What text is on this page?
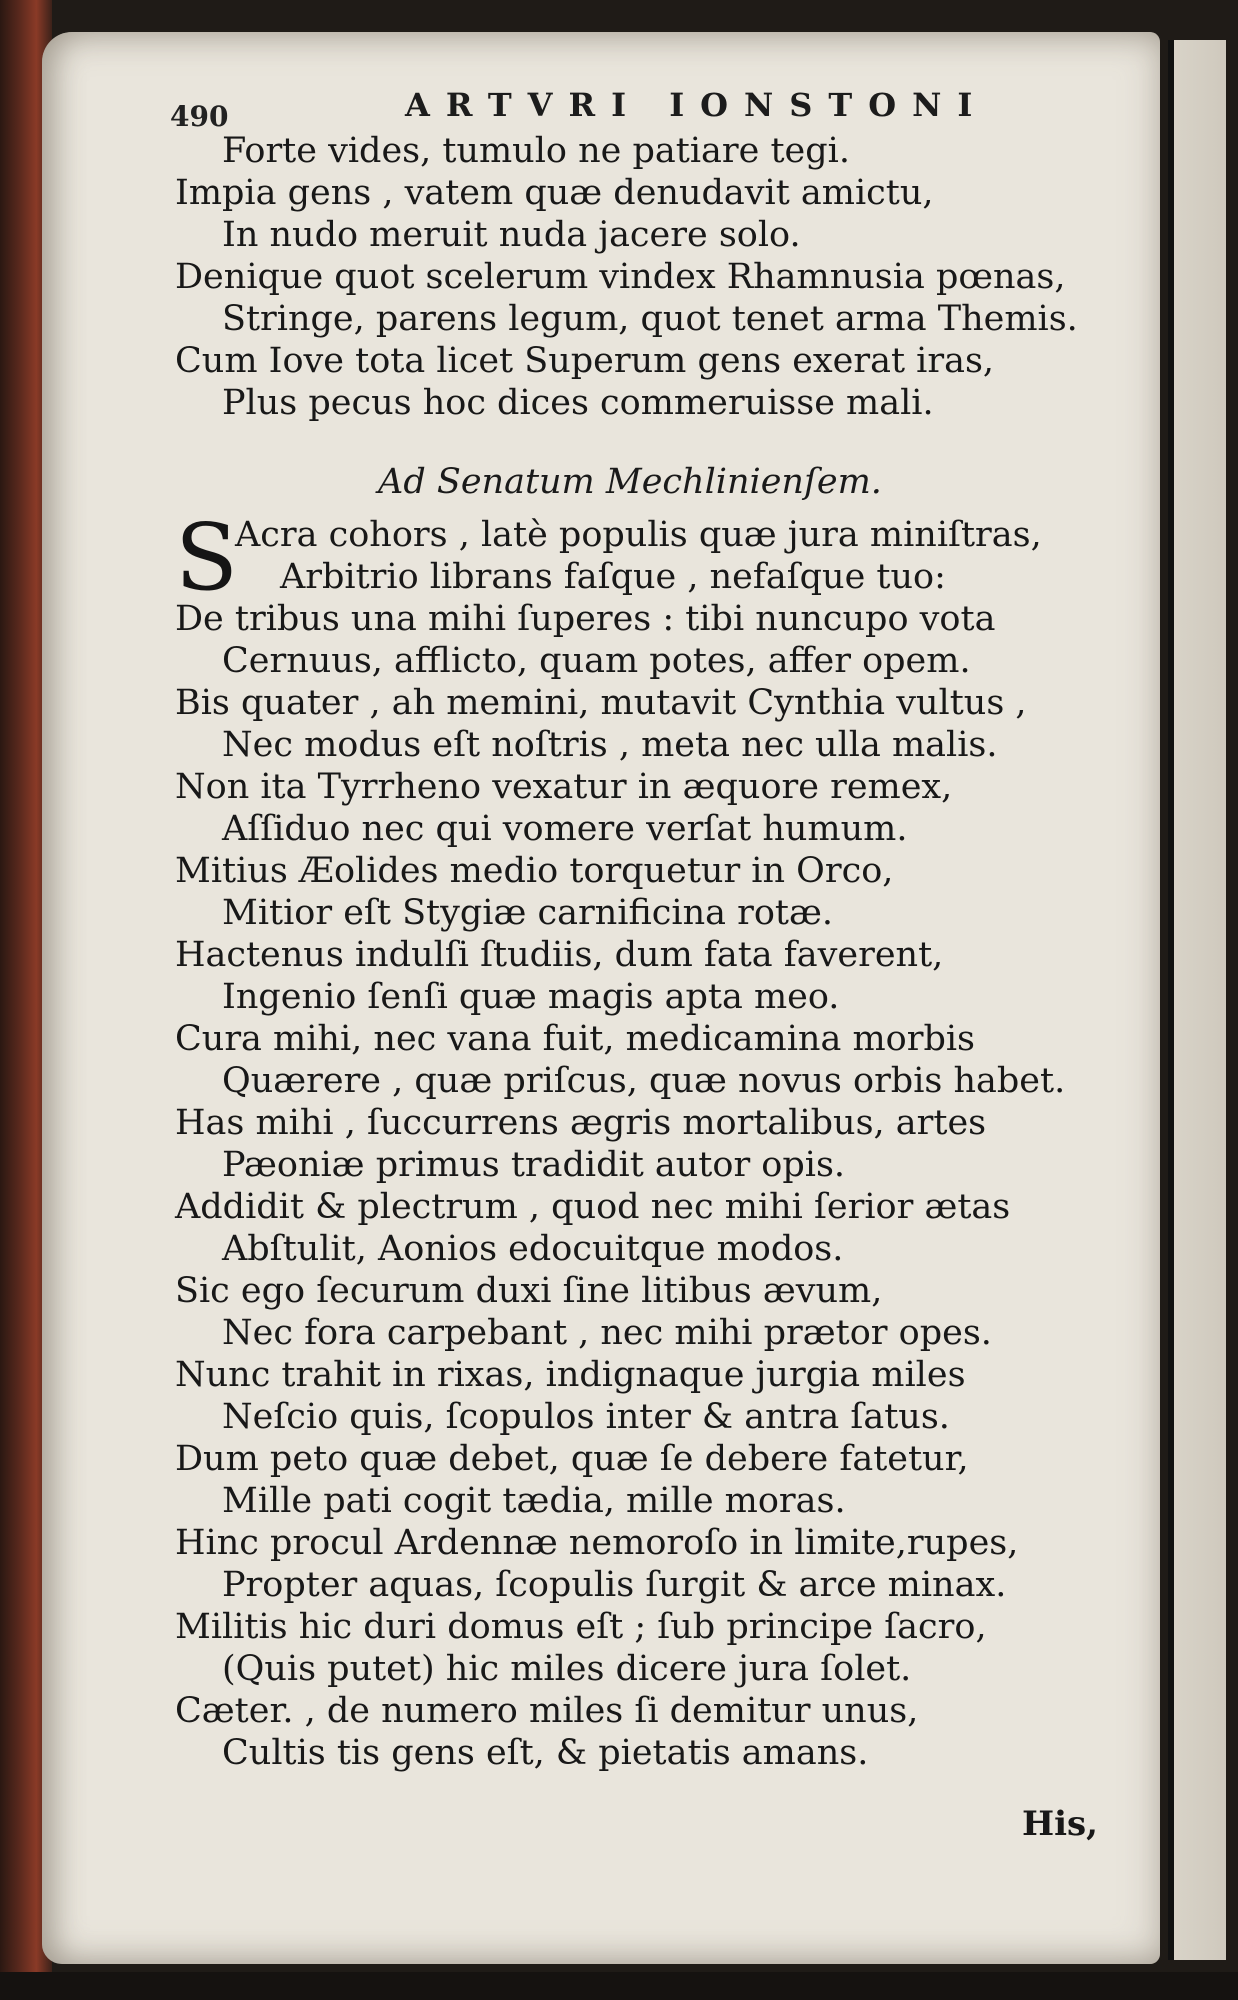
490	ARTVRI IONSTONI
Forte vides, tumulo ne patiare tegi.
Impia gens , vatem quæ denudavit amictu,
In nudo meruit nuda jacere solo.
Denique quot scelerum vindex Rhamnusia pœnas,
Stringe, parens legum, quot tenet arma Themis.
Cum Iove tota licet Superum gens exerat iras,
Plus pecus hoc dices commeruisse mali.
Ad Senatum Mechlinienſem.
S
Acra cohors , latè populis quæ jura miniſtras,
Arbitrio librans faſque , nefaſque tuo:
De tribus una mihi ſuperes : tibi nuncupo vota
Cernuus, afflicto, quam potes, affer opem.
Bis quater , ah memini, mutavit Cynthia vultus ,
Nec modus eſt noſtris , meta nec ulla malis.
Non ita Tyrrheno vexatur in æquore remex,
Aſſiduo nec qui vomere verſat humum.
Mitius Æolides medio torquetur in Orco,
Mitior eſt Stygiæ carnificina rotæ.
Hactenus indulſi ſtudiis, dum fata faverent,
Ingenio ſenſi quæ magis apta meo.
Cura mihi, nec vana fuit, medicamina morbis
Quærere , quæ priſcus, quæ novus orbis habet.
Has mihi , ſuccurrens ægris mortalibus, artes
Pæoniæ primus tradidit autor opis.
Addidit & plectrum , quod nec mihi ſerior ætas
Abſtulit, Aonios edocuitque modos.
Sic ego ſecurum duxi ſine litibus ævum,
Nec fora carpebant , nec mihi prætor opes.
Nunc trahit in rixas, indignaque jurgia miles
Neſcio quis, ſcopulos inter & antra ſatus.
Dum peto quæ debet, quæ ſe debere fatetur,
Mille pati cogit tædia, mille moras.
Hinc procul Ardennæ nemoroſo in limite,rupes,
Propter aquas, ſcopulis ſurgit & arce minax.
Militis hic duri domus eſt ; ſub principe ſacro,
(Quis putet) hic miles dicere jura ſolet.
Cæter. , de numero miles ſi demitur unus,
Cultis tis gens eſt, & pietatis amans.
His,
